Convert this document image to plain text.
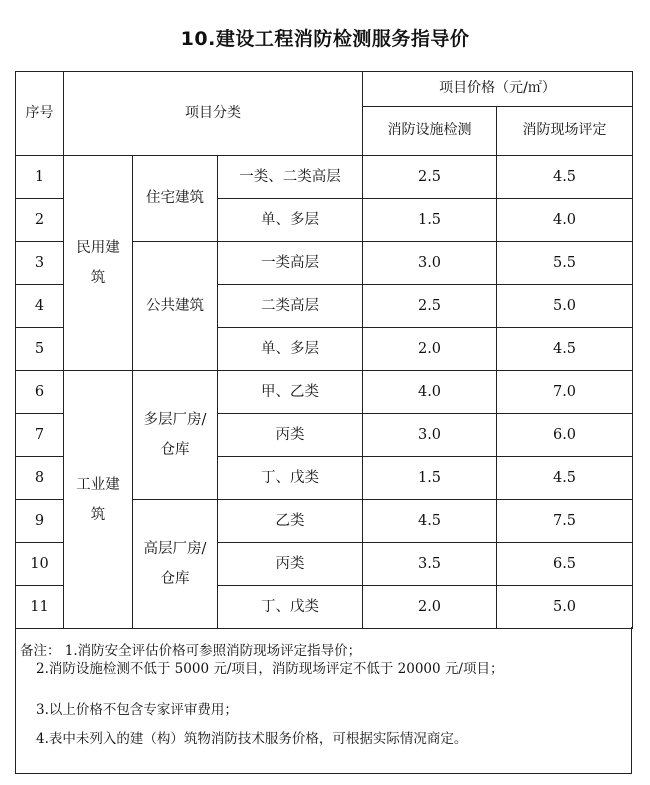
10.建设工程消防检测服务指导价
序号	项目分类			项目价格（元/㎡）	
				消防设施检测	消防现场评定
1	民用建筑	住宅建筑	一类、二类高层	2.5	4.5
2			单、多层	1.5	4.0
3		公共建筑	一类高层	3.0	5.5
4			二类高层	2.5	5.0
5			单、多层	2.0	4.5
6	工业建筑	多层厂房/仓库	甲、乙类	4.0	7.0
7			丙类	3.0	6.0
8			丁、戊类	1.5	4.5
9		高层厂房/仓库	乙类	4.5	7.5
10			丙类	3.5	6.5
11			丁、戊类	2.0	5.0
备注： 1.消防安全评估价格可参照消防现场评定指导价；
2.消防设施检测不低于 5000 元/项目，消防现场评定不低于 20000 元/项目；
3.以上价格不包含专家评审费用；
4.表中未列入的建（构）筑物消防技术服务价格，可根据实际情况商定。
